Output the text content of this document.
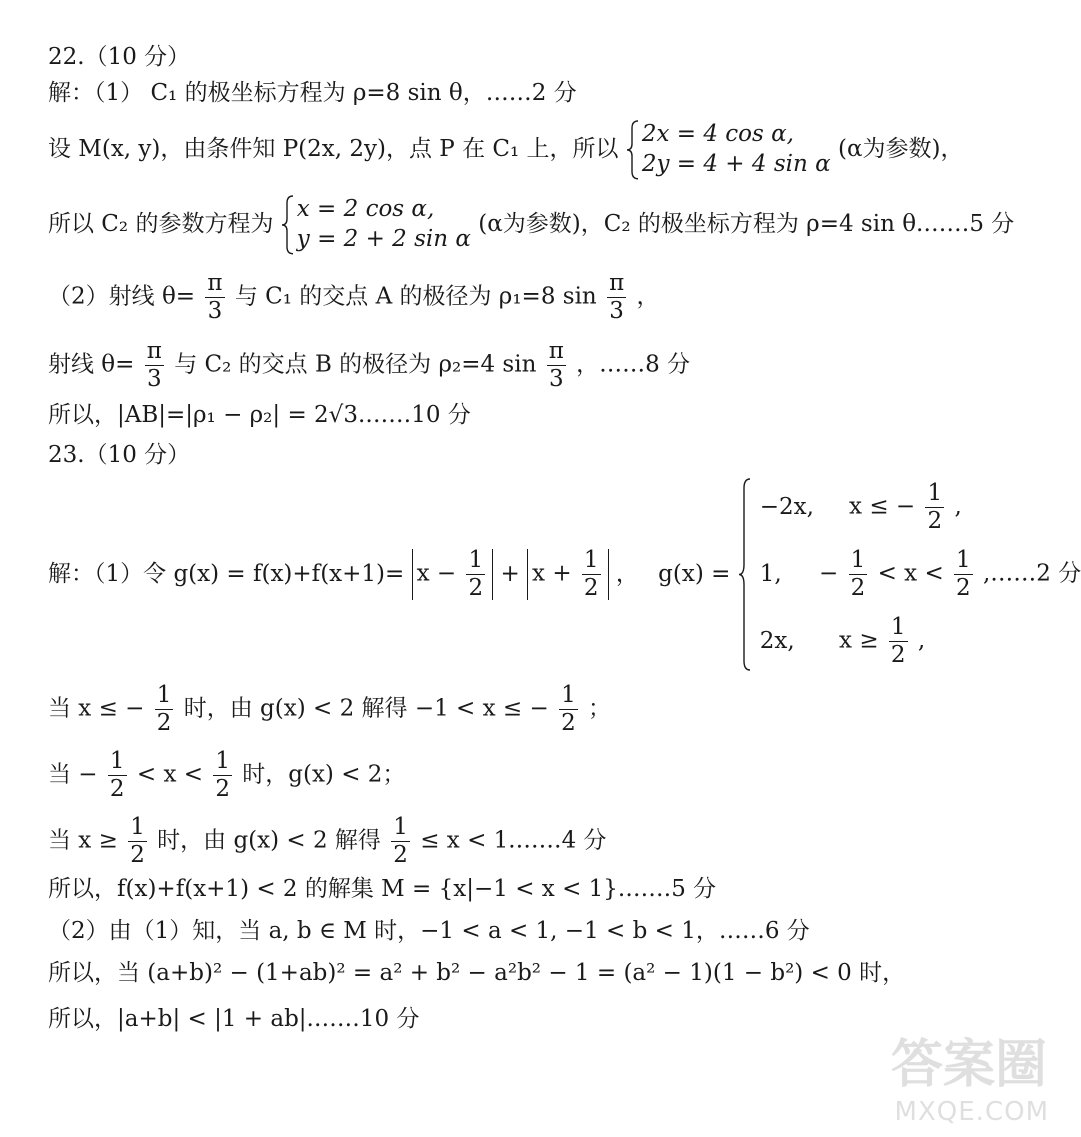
22.（10 分）
解：（1） C₁ 的极坐标方程为 ρ=8 sin θ，……2 分
设 M(x, y)，由条件知 P(2x, 2y)，点 P 在 C₁ 上，所以
2x = 4 cos α,
2y = 4 + 4 sin α
(α为参数)，
所以 C₂ 的参数方程为
x = 2 cos α,
y = 2 + 2 sin α
(α为参数)，C₂ 的极坐标方程为 ρ=4 sin θ.……5 分
（2）射线 $\theta= \frac{\pi}{3}$ 与 C₁ 的交点 A 的极径为 ρ₁=8 $\sin \frac{\pi}{3}$ ，
射线 $\theta= \frac{\pi}{3}$ 与 C₂ 的交点 B 的极径为 ρ₂=4 $\sin \frac{\pi}{3}$ ，……8 分
所以，|AB|=|ρ₁ − ρ₂| = 2√3.……10 分
23.（10 分）
解：（1）令 $g(x) = f(x)+f(x+1)= x - \frac{1}{2} + x + \frac{1}{2}$ ， g(x) =
−2x, x ≤ − $\frac{1}{2}$ ,
1, − $\frac{1}{2} < x < \frac{1}{2}$ ,……2 分
2x, $x \ge \frac{1}{2}$ ,
当 x ≤ − $\frac{1}{2}$ 时，由 g(x) < 2 解得 −1 < x ≤ − $\frac{1}{2}$ ；
当 − $\frac{1}{2} < x < \frac{1}{2}$ 时，g(x) < 2；
当 $x \ge \frac{1}{2}$ 时，由 g(x) < 2 解得 $\frac{1}{2} \le x$ < 1.……4 分
所以，f(x)+f(x+1) < 2 的解集 M = {x|−1 < x < 1}.……5 分
（2）由（1）知，当 a, b ∈ M 时，−1 < a < 1, −1 < b < 1，……6 分
所以，当 (a+b)² − (1+ab)² = a² + b² − a²b² − 1 = (a² − 1)(1 − b²) < 0 时，
所以，|a+b| < |1 + ab|.……10 分
答案圈
MXQE.COM
